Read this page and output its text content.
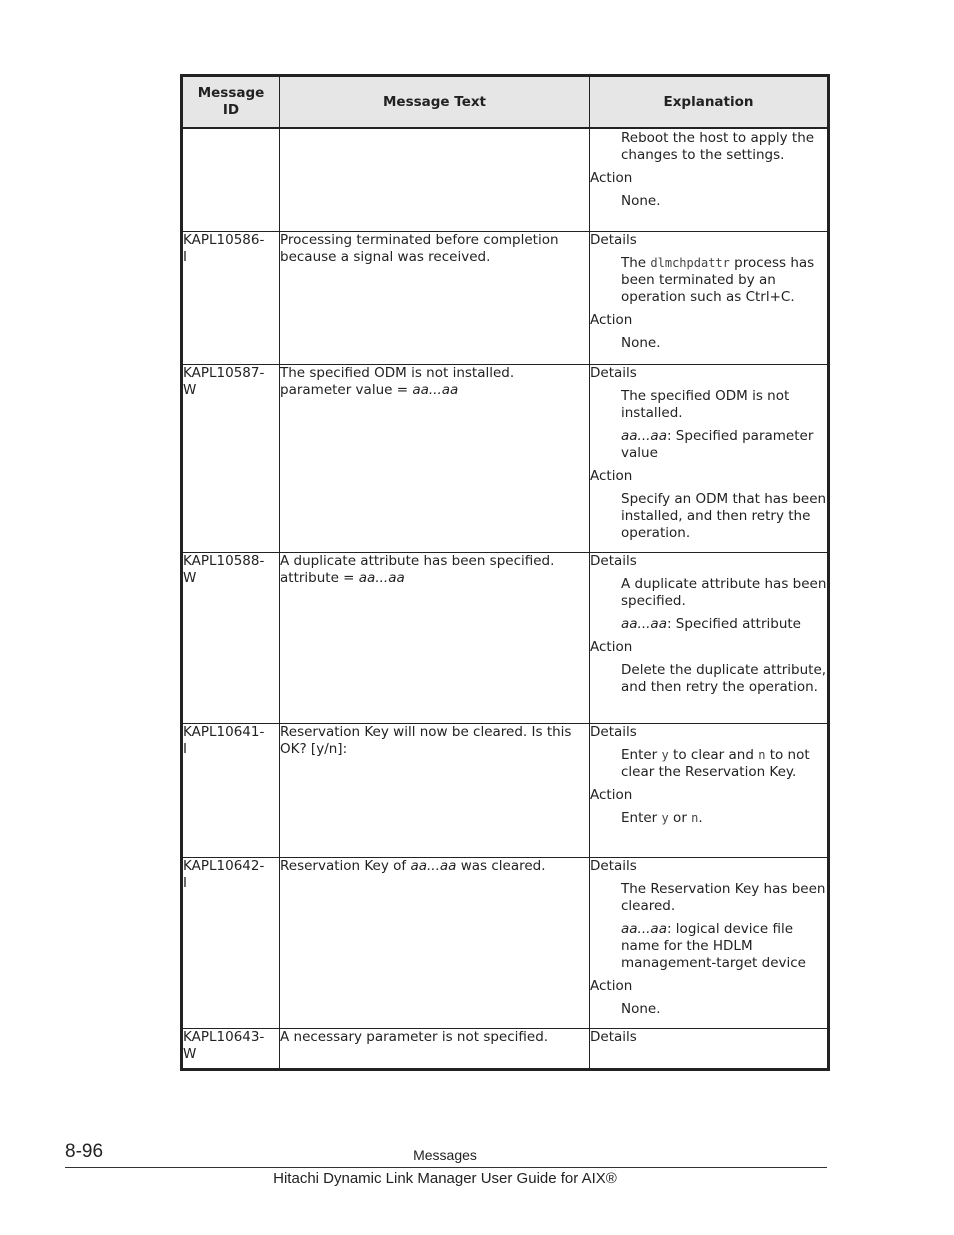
Message ID	Message Text	Explanation

		Reboot the host to apply the changes to the settings.
Action
None.

KAPL10586-
I	Processing terminated before completion because a signal was received.	Details
The dlmchpdattr process has been terminated by an operation such as Ctrl+C.
Action
None.

KAPL10587-
W	The specified ODM is not installed. parameter value = aa...aa	Details
The specified ODM is not installed.
aa...aa: Specified parameter value
Action
Specify an ODM that has been installed, and then retry the operation.

KAPL10588-
W	A duplicate attribute has been specified. attribute = aa...aa	Details
A duplicate attribute has been specified.
aa...aa: Specified attribute
Action
Delete the duplicate attribute, and then retry the operation.

KAPL10641-
I	Reservation Key will now be cleared. Is this OK? [y/n]:	Details
Enter y to clear and n to not clear the Reservation Key.
Action
Enter y or n.

KAPL10642-
I	Reservation Key of aa...aa was cleared.	Details
The Reservation Key has been cleared.
aa...aa: logical device file name for the HDLM management-target device
Action
None.

KAPL10643-
W	A necessary parameter is not specified.	Details
8-96	Messages
Hitachi Dynamic Link Manager User Guide for AIX®
